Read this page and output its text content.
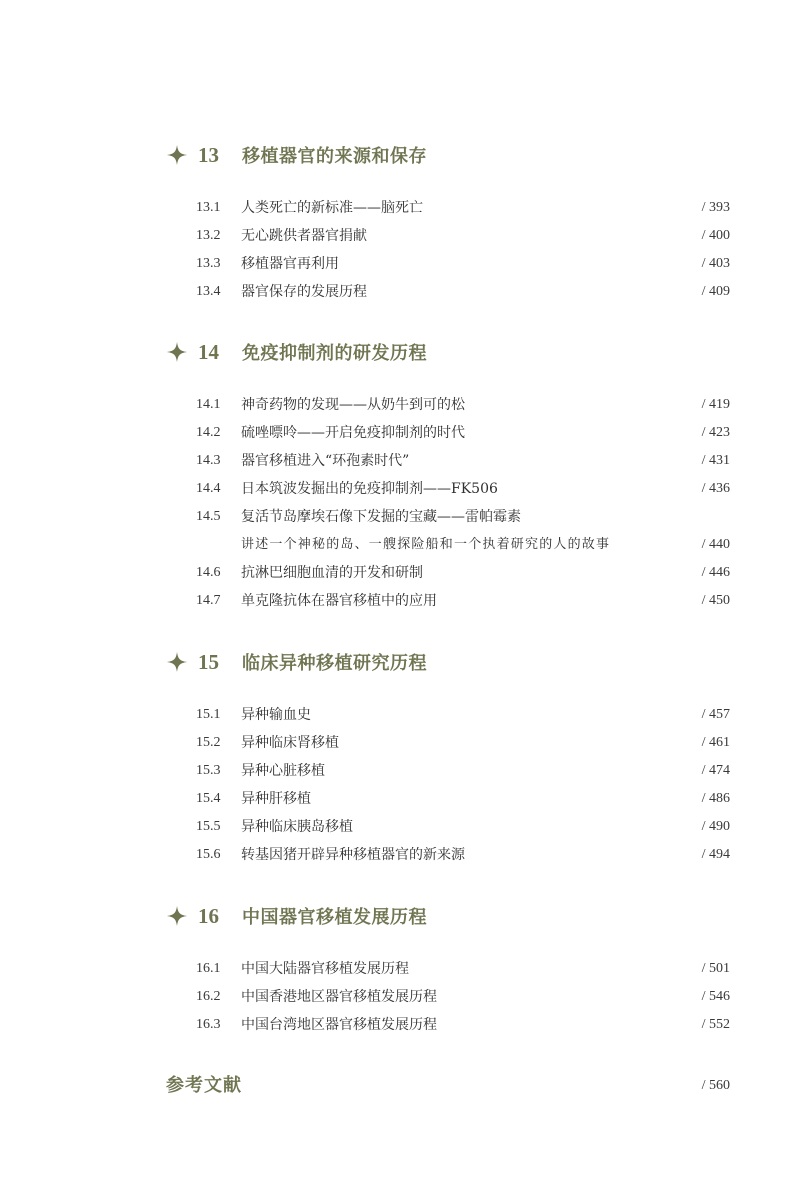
13	移植器官的来源和保存
13.1 人类死亡的新标准——脑死亡	/ 393
13.2 无心跳供者器官捐献	/ 400
13.3 移植器官再利用	/ 403
13.4 器官保存的发展历程	/ 409
14	免疫抑制剂的研发历程
14.1 神奇药物的发现——从奶牛到可的松	/ 419
14.2 硫唑嘌呤——开启免疫抑制剂的时代	/ 423
14.3 器官移植进入“环孢素时代”	/ 431
14.4 日本筑波发掘出的免疫抑制剂——FK506	/ 436
14.5 复活节岛摩埃石像下发掘的宝藏——雷帕霉素
讲述一个神秘的岛、一艘探险船和一个执着研究的人的故事	/ 440
14.6 抗淋巴细胞血清的开发和研制	/ 446
14.7 单克隆抗体在器官移植中的应用	/ 450
15	临床异种移植研究历程
15.1 异种输血史	/ 457
15.2 异种临床肾移植	/ 461
15.3 异种心脏移植	/ 474
15.4 异种肝移植	/ 486
15.5 异种临床胰岛移植	/ 490
15.6 转基因猪开辟异种移植器官的新来源	/ 494
16	中国器官移植发展历程
16.1 中国大陆器官移植发展历程	/ 501
16.2 中国香港地区器官移植发展历程	/ 546
16.3 中国台湾地区器官移植发展历程	/ 552
参考文献	/ 560
